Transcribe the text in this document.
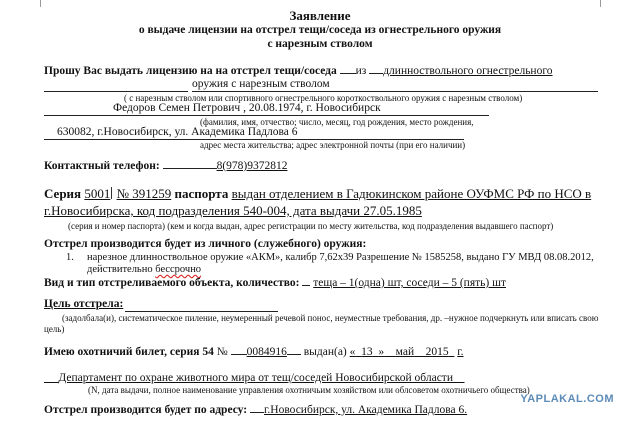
Заявление
о выдаче лицензии на отстрел тещи/соседа из огнестрельного оружия
с нарезным стволом
Прошу Вас выдать лицензию на на отстрел тещи/соседа из длинноствольного огнестрельного
оружия с нарезным стволом
( с нарезным стволом или спортивного огнестрельного короткоствольного оружия с нарезным стволом)
Федоров Семен Петрович , 20.08.1974, г. Новосибирск
(фамилия, имя, отчество; число, месяц, год рождения, место рождения,
630082, г.Новосибирск, ул. Академика Падлова 6
адрес места жительства; адрес электронной почты (при его наличии)
Контактный телефон:	8(978)9372812
Серия 5001 № 391259 паспорта выдан отделением в Гадюкинском районе ОУФМС РФ по НСО в
г.Новосибирска, код подразделения 540-004, дата выдачи 27.05.1985
(серия и номер паспорта) (кем и когда выдан, адрес регистрации по месту жительства, код подразделения выдавшего паспорт)
Отстрел производится будет из личного (служебного) оружия:
1. нарезное длинноствольное оружие «АКМ», калибр 7,62х39 Разрешение № 1585258, выдано ГУ МВД 08.08.2012,
действительно бессрочно
Вид и тип отстреливаемого объекта, количество: теща – 1(одна) шт, соседи – 5 (пять) шт
Цель отстрела:
(задолбала(и), систематическое пиление, неумеренный речевой понос, неуместные требования, др. –нужное подчеркнуть или вписать свою
цель)
Имею охотничий билет, серия 54 № 0084916 выдан(а) « 13 » май 2015 г.
Департамент по охране животного мира от тещ/соседей Новосибирской области
(N, дата выдачи, полное наименование управления охотничьим хозяйством или облсоветом охотничьего общества)
Отстрел производится будет по адресу: г.Новосибирск, ул. Академика Падлова 6.
YAPLAKAL.COM
